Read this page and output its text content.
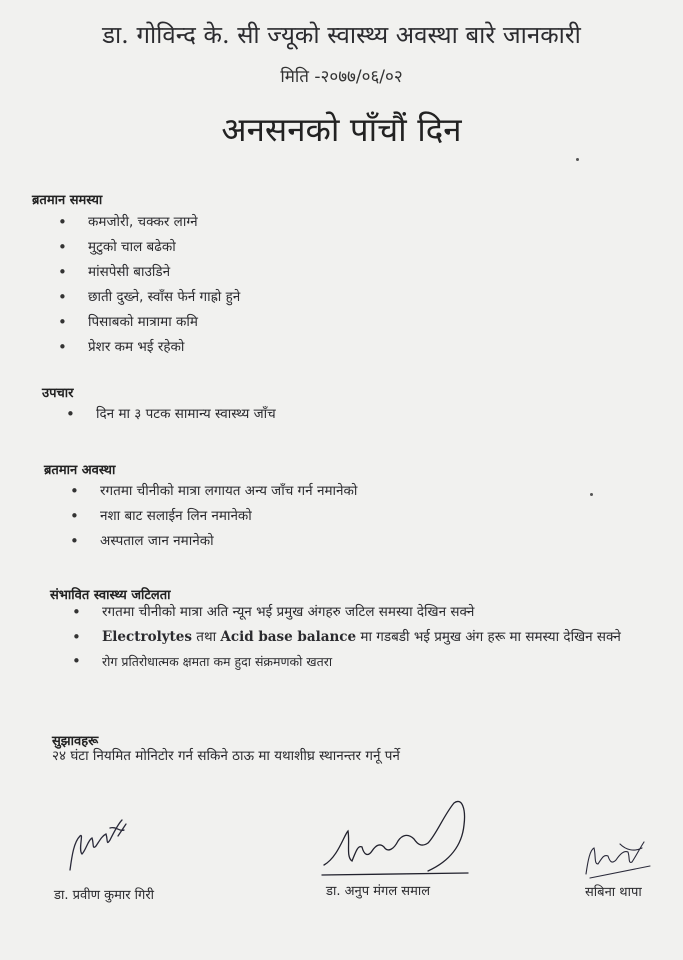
डा. गोविन्द के. सी ज्यूको स्वास्थ्य अवस्था बारे जानकारी
मिति -२०७७/०६/०२
अनसनको पाँचौं दिन
ब्रतमान समस्या
• कमजोरी, चक्कर लाग्ने
• मुटुको चाल बढेको
• मांसपेसी बाउडिने
• छाती दुख्ने, स्वाँस फेर्न गाह्रो हुने
• पिसाबको मात्रामा कमि
• प्रेशर कम भई रहेको
उपचार
• दिन मा ३ पटक सामान्य स्वास्थ्य जाँच
ब्रतमान अवस्था
• रगतमा चीनीको मात्रा लगायत अन्य जाँच गर्न नमानेको
• नशा बाट सलाईन लिन नमानेको
• अस्पताल जान नमानेको
संभावित स्वास्थ्य जटिलता
• रगतमा चीनीको मात्रा अति न्यून भई प्रमुख अंगहरु जटिल समस्या देखिन सक्ने
• Electrolytes तथा Acid base balance मा गडबडी भई प्रमुख अंग हरू मा समस्या देखिन सक्ने
• रोग प्रतिरोधात्मक क्षमता कम हुदा संक्रमणको खतरा
सुझावहरू
२४ घंटा नियमित मोनिटोर गर्न सकिने ठाऊ मा यथाशीघ्र स्थानन्तर गर्नू पर्ने
डा. प्रवीण कुमार गिरी	डा. अनुप मंगल समाल	सबिना थापा
